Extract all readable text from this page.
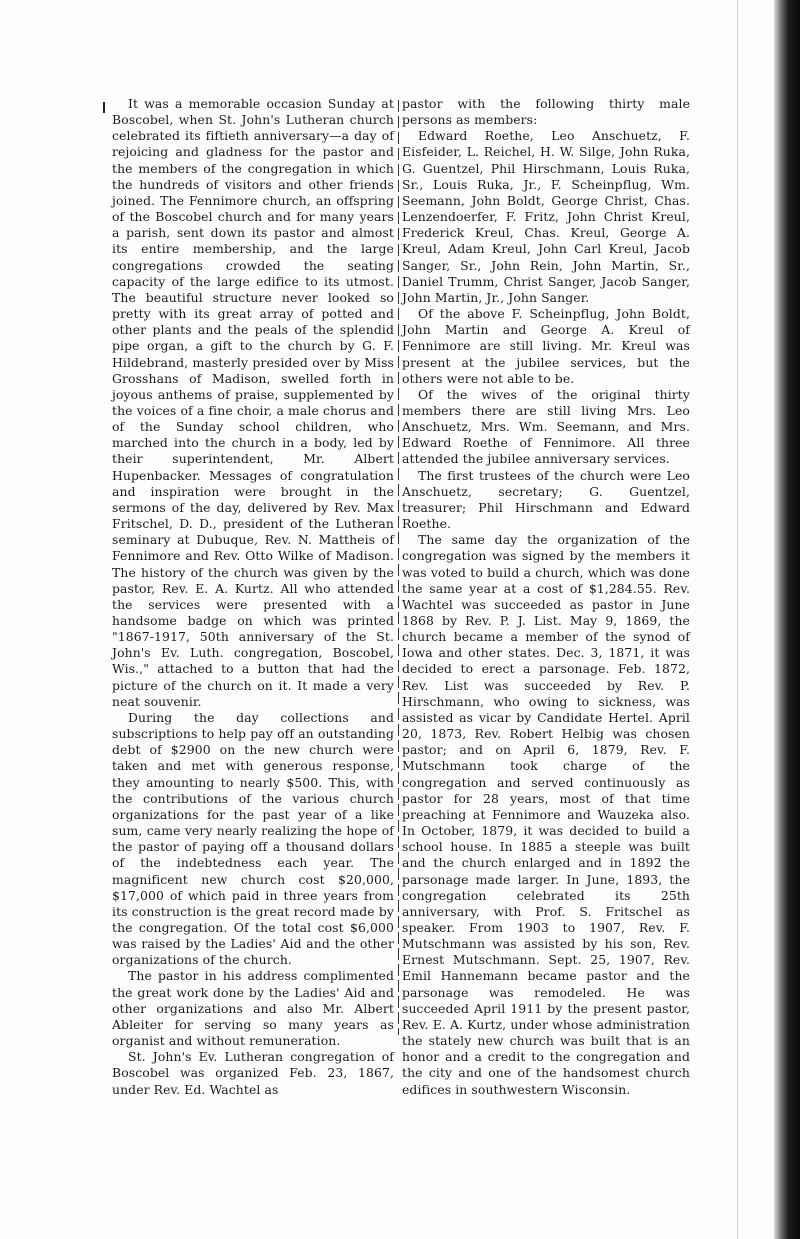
It was a memorable occasion Sunday at Boscobel, when St. John's Lutheran church celebrated its fiftieth anniversary—a day of rejoicing and gladness for the pastor and the members of the congregation in which the hundreds of visitors and other friends joined. The Fennimore church, an offspring of the Boscobel church and for many years a parish, sent down its pastor and almost its entire membership, and the large congregations crowded the seating capacity of the large edifice to its utmost. The beautiful structure never looked so pretty with its great array of potted and other plants and the peals of the splendid pipe organ, a gift to the church by G. F. Hildebrand, masterly presided over by Miss Grosshans of Madison, swelled forth in joyous anthems of praise, supplemented by the voices of a fine choir, a male chorus and of the Sunday school children, who marched into the church in a body, led by their superintendent, Mr. Albert Hupenbacker. Messages of congratulation and inspiration were brought in the sermons of the day, delivered by Rev. Max Fritschel, D. D., president of the Lutheran seminary at Dubuque, Rev. N. Mattheis of Fennimore and Rev. Otto Wilke of Madison. The history of the church was given by the pastor, Rev. E. A. Kurtz. All who attended the services were presented with a handsome badge on which was printed "1867-1917, 50th anniversary of the St. John's Ev. Luth. congregation, Boscobel, Wis.," attached to a button that had the picture of the church on it. It made a very neat souvenir.

During the day collections and subscriptions to help pay off an outstanding debt of $2900 on the new church were taken and met with generous response, they amounting to nearly $500. This, with the contributions of the various church organizations for the past year of a like sum, came very nearly realizing the hope of the pastor of paying off a thousand dollars of the indebtedness each year. The magnificent new church cost $20,000, $17,000 of which paid in three years from its construction is the great record made by the congregation. Of the total cost $6,000 was raised by the Ladies' Aid and the other organizations of the church.

The pastor in his address complimented the great work done by the Ladies' Aid and other organizations and also Mr. Albert Ableiter for serving so many years as organist and without remuneration.

St. John's Ev. Lutheran congregation of Boscobel was organized Feb. 23, 1867, under Rev. Ed. Wachtel as

pastor with the following thirty male persons as members:

Edward Roethe, Leo Anschuetz, F. Eisfeider, L. Reichel, H. W. Silge, John Ruka, G. Guentzel, Phil Hirschmann, Louis Ruka, Sr., Louis Ruka, Jr., F. Scheinpflug, Wm. Seemann, John Boldt, George Christ, Chas. Lenzendoerfer, F. Fritz, John Christ Kreul, Frederick Kreul, Chas. Kreul, George A. Kreul, Adam Kreul, John Carl Kreul, Jacob Sanger, Sr., John Rein, John Martin, Sr., Daniel Trumm, Christ Sanger, Jacob Sanger, John Martin, Jr., John Sanger.

Of the above F. Scheinpflug, John Boldt, John Martin and George A. Kreul of Fennimore are still living. Mr. Kreul was present at the jubilee services, but the others were not able to be.

Of the wives of the original thirty members there are still living Mrs. Leo Anschuetz, Mrs. Wm. Seemann, and Mrs. Edward Roethe of Fennimore. All three attended the jubilee anniversary services.

The first trustees of the church were Leo Anschuetz, secretary; G. Guentzel, treasurer; Phil Hirschmann and Edward Roethe.

The same day the organization of the congregation was signed by the members it was voted to build a church, which was done the same year at a cost of $1,284.55. Rev. Wachtel was succeeded as pastor in June 1868 by Rev. P. J. List. May 9, 1869, the church became a member of the synod of Iowa and other states. Dec. 3, 1871, it was decided to erect a parsonage. Feb. 1872, Rev. List was succeeded by Rev. P. Hirschmann, who owing to sickness, was assisted as vicar by Candidate Hertel. April 20, 1873, Rev. Robert Helbig was chosen pastor; and on April 6, 1879, Rev. F. Mutschmann took charge of the congregation and served continuously as pastor for 28 years, most of that time preaching at Fennimore and Wauzeka also. In October, 1879, it was decided to build a school house. In 1885 a steeple was built and the church enlarged and in 1892 the parsonage made larger. In June, 1893, the congregation celebrated its 25th anniversary, with Prof. S. Fritschel as speaker. From 1903 to 1907, Rev. F. Mutschmann was assisted by his son, Rev. Ernest Mutschmann. Sept. 25, 1907, Rev. Emil Hannemann became pastor and the parsonage was remodeled. He was succeeded April 1911 by the present pastor, Rev. E. A. Kurtz, under whose administration the stately new church was built that is an honor and a credit to the congregation and the city and one of the handsomest church edifices in southwestern Wisconsin.
